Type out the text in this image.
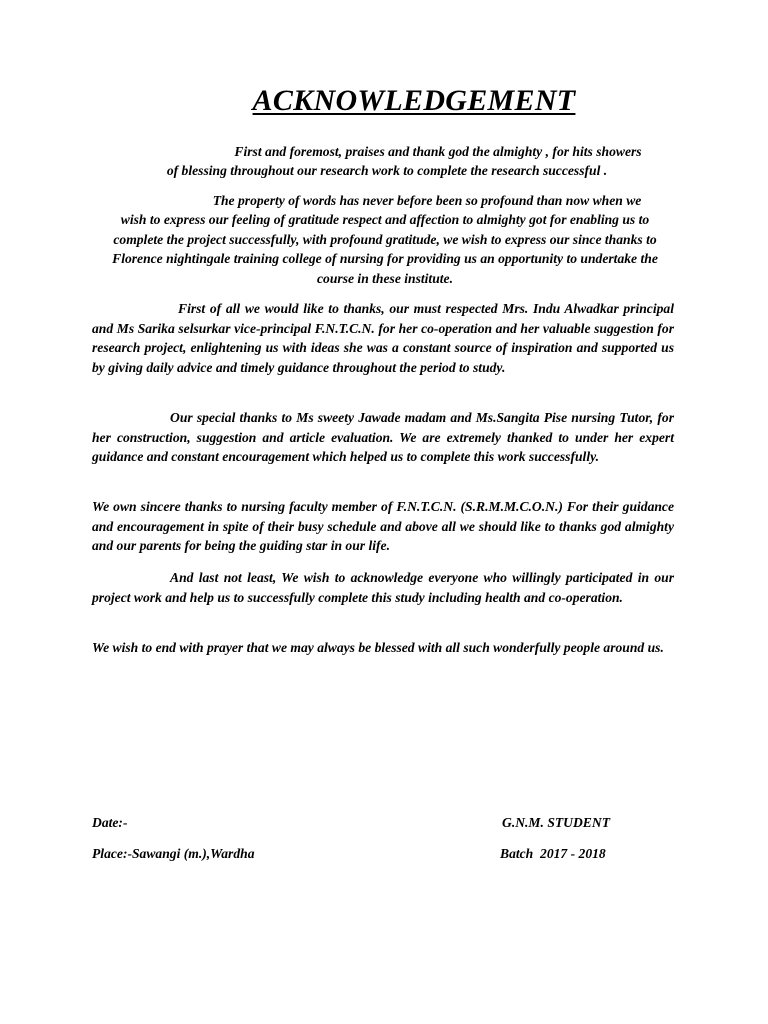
ACKNOWLEDGEMENT
First and foremost, praises and thank god the almighty , for hits showers
of blessing throughout our research work to complete the research successful .
The property of words has never before been so profound than now when we
wish to express our feeling of gratitude respect and affection to almighty got for enabling us to complete the project successfully, with profound gratitude, we wish to express our since thanks to Florence nightingale training college of nursing for providing us an opportunity to undertake the course in these institute.

First of all we would like to thanks, our must respected Mrs. Indu Alwadkar principal and Ms Sarika selsurkar vice-principal F.N.T.C.N. for her co-operation and her valuable suggestion for research project, enlightening us with ideas she was a constant source of inspiration and supported us by giving daily advice and timely guidance throughout the period to study.

Our special thanks to Ms sweety Jawade madam and Ms.Sangita Pise nursing Tutor, for her construction, suggestion and article evaluation. We are extremely thanked to under her expert guidance and constant encouragement which helped us to complete this work successfully.

We own sincere thanks to nursing faculty member of F.N.T.C.N. (S.R.M.M.C.O.N.) For their guidance and encouragement in spite of their busy schedule and above all we should like to thanks god almighty and our parents for being the guiding star in our life.

And last not least, We wish to acknowledge everyone who willingly participated in our project work and help us to successfully complete this study including health and co-operation.

We wish to end with prayer that we may always be blessed with all such wonderfully people around us.

Date:-
Place:-Sawangi (m.),Wardha
G.N.M. STUDENT
Batch  2017 - 2018
